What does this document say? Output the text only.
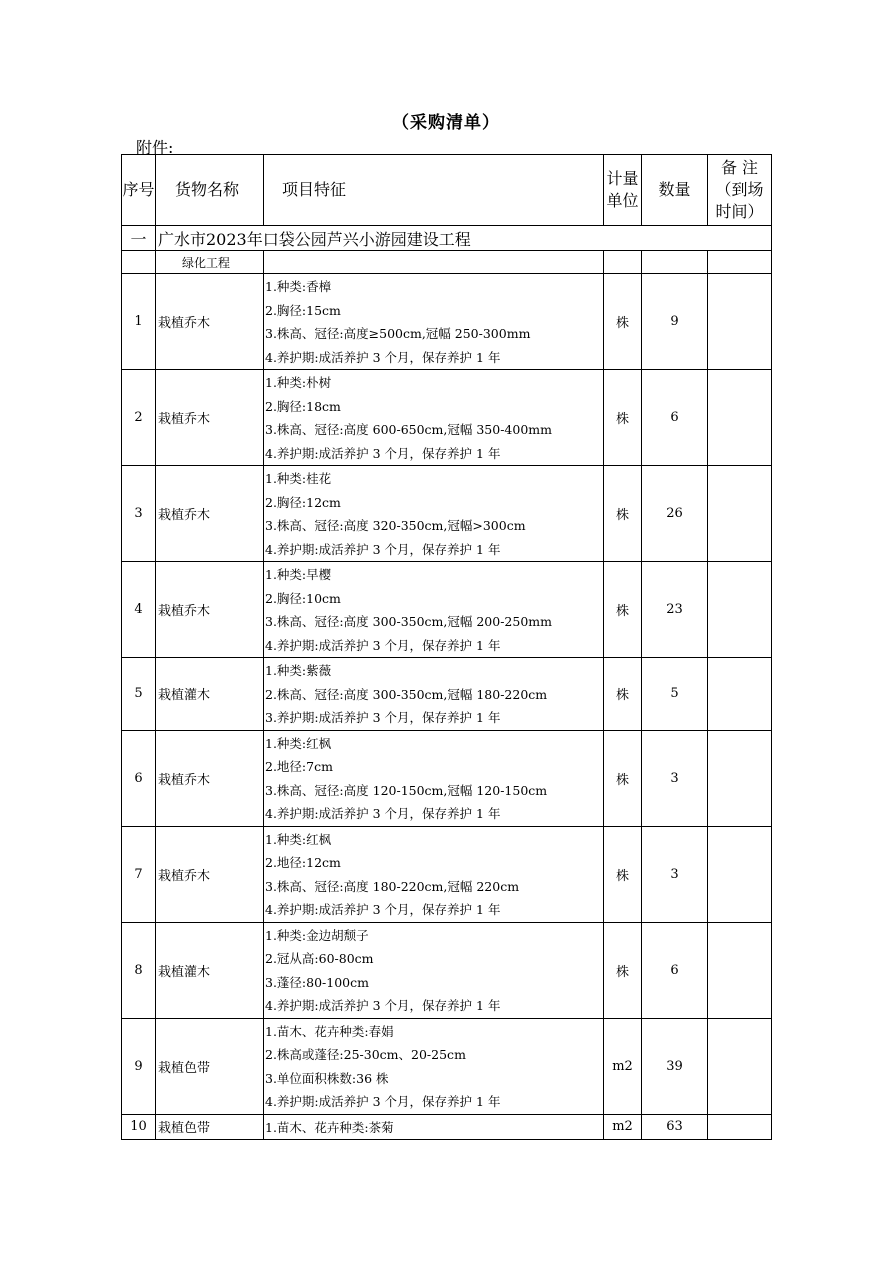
（采购清单）
附件:
序号	货物名称	项目特征	计量单位	数量	备 注（到场时间）
一	广水市2023年口袋公园芦兴小游园建设工程				
	绿化工程				
1	栽植乔木	1.种类:香樟
2.胸径:15cm
3.株高、冠径:高度≥500cm,冠幅 250-300mm
4.养护期:成活养护 3 个月，保存养护 1 年	株	9	
2	栽植乔木	1.种类:朴树
2.胸径:18cm
3.株高、冠径:高度 600-650cm,冠幅 350-400mm
4.养护期:成活养护 3 个月，保存养护 1 年	株	6	
3	栽植乔木	1.种类:桂花
2.胸径:12cm
3.株高、冠径:高度 320-350cm,冠幅>300cm
4.养护期:成活养护 3 个月，保存养护 1 年	株	26	
4	栽植乔木	1.种类:早樱
2.胸径:10cm
3.株高、冠径:高度 300-350cm,冠幅 200-250mm
4.养护期:成活养护 3 个月，保存养护 1 年	株	23	
5	栽植灌木	1.种类:紫薇
2.株高、冠径:高度 300-350cm,冠幅 180-220cm
3.养护期:成活养护 3 个月，保存养护 1 年	株	5	
6	栽植乔木	1.种类:红枫
2.地径:7cm
3.株高、冠径:高度 120-150cm,冠幅 120-150cm
4.养护期:成活养护 3 个月，保存养护 1 年	株	3	
7	栽植乔木	1.种类:红枫
2.地径:12cm
3.株高、冠径:高度 180-220cm,冠幅 220cm
4.养护期:成活养护 3 个月，保存养护 1 年	株	3	
8	栽植灌木	1.种类:金边胡颓子
2.冠从高:60-80cm
3.蓬径:80-100cm
4.养护期:成活养护 3 个月，保存养护 1 年	株	6	
9	栽植色带	1.苗木、花卉种类:春娟
2.株高或蓬径:25-30cm、20-25cm
3.单位面积株数:36 株
4.养护期:成活养护 3 个月，保存养护 1 年	m2	39	
10	栽植色带	1.苗木、花卉种类:茶菊	m2	63	
